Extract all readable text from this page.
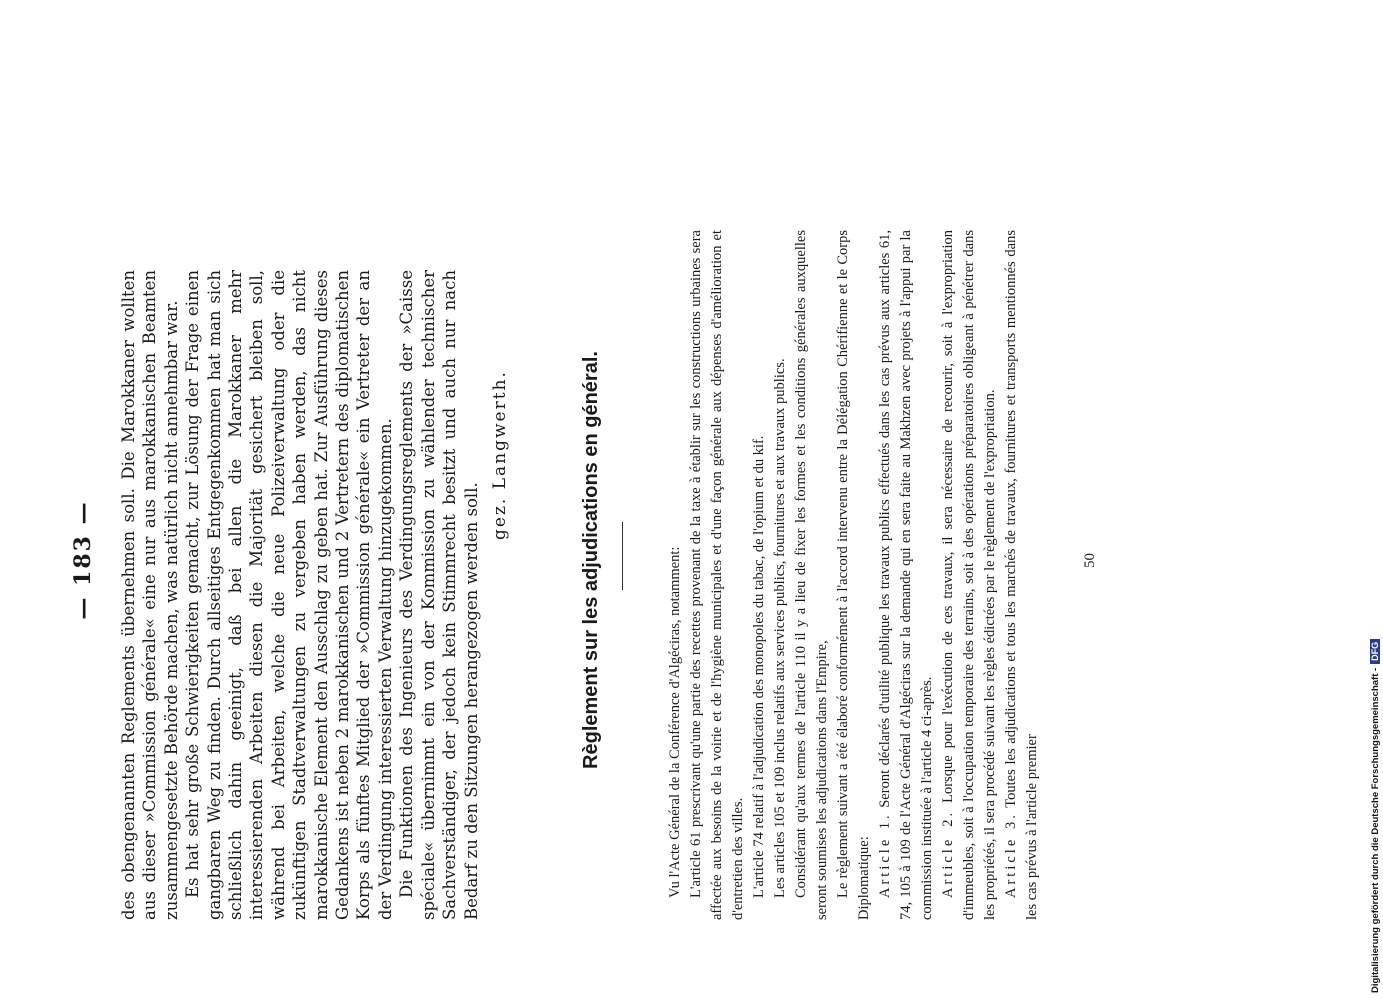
— 183 — des obengenannten Reglements übernehmen soll. Die Marokkaner wollten aus dieser »Commission générale« eine nur aus marokkanischen Beamten zusammengesetzte Behörde machen, was natürlich nicht annehmbar war. Es hat sehr große Schwierigkeiten gemacht, zur Lösung der Frage einen gangbaren Weg zu finden. Durch allseitiges Entgegenkommen hat man sich schließlich dahin geeinigt, daß bei allen die Marokkaner mehr interessierenden Arbeiten diesen die Majorität gesichert bleiben soll, während bei Arbeiten, welche die neue Polizeiverwaltung oder die zukünftigen Stadtverwaltungen zu vergeben haben werden, das nicht marokkanische Element den Ausschlag zu geben hat. Zur Ausführung dieses Gedankens ist neben 2 marokkanischen und 2 Vertretern des diplomatischen Korps als fünftes Mitglied der »Commission générale« ein Vertreter der an der Verdingung interessierten Verwaltung hinzugekommen. Die Funktionen des Ingenieurs des Verdingungsreglements der »Caisse spéciale« übernimmt ein von der Kommission zu wählender technischer Sachverständiger, der jedoch kein Stimmrecht besitzt und auch nur nach Bedarf zu den Sitzungen herangezogen werden soll.

gez. Langwerth.	Règlement sur les adjudications en général.	Vu l'Acte Général de la Conférence d'Algéciras, notamment: L'article 61 prescrivant qu'une partie des recettes provenant de la taxe à établir sur les constructions urbaines sera affectée aux besoins de la voirie et de l'hygiène municipales et d'une façon générale aux dépenses d'amélioration et d'entretien des villes. L'article 74 relatif à l'adjudication des monopoles du tabac, de l'opium et du kif. Les articles 105 et 109 inclus relatifs aux services publics, fournitures et aux travaux publics. Considérant qu'aux termes de l'article 110 il y a lieu de fixer les formes et les conditions générales auxquelles seront soumises les adjudications dans l'Empire, Le règlement suivant a été élaboré conformément à l'accord intervenu entre la Délégation Chérifienne et le Corps Diplomatique: Article 1. Seront déclarés d'utilité publique les travaux publics effectués dans les cas prévus aux articles 61, 74, 105 à 109 de l'Acte Général d'Algéciras sur la demande qui en sera faite au Makhzen avec projets à l'appui par la commission instituée à l'article 4 ci-après. Article 2. Lorsque pour l'exécution de ces travaux, il sera nécessaire de recourir, soit à l'expropriation d'immeubles, soit à l'occupation temporaire des terrains, soit à des opérations préparatoires obligeant à pénétrer dans les propriétés, il sera procédé suivant les règles édictées par le règlement de l'expropriation. Article 3. Toutes les adjudications et tous les marchés de travaux, fournitures et transports mentionnés dans les cas prévus à l'article premier

50
Digitalisierung gefördert durch die Deutsche Forschungsgemeinschaft -DFG
